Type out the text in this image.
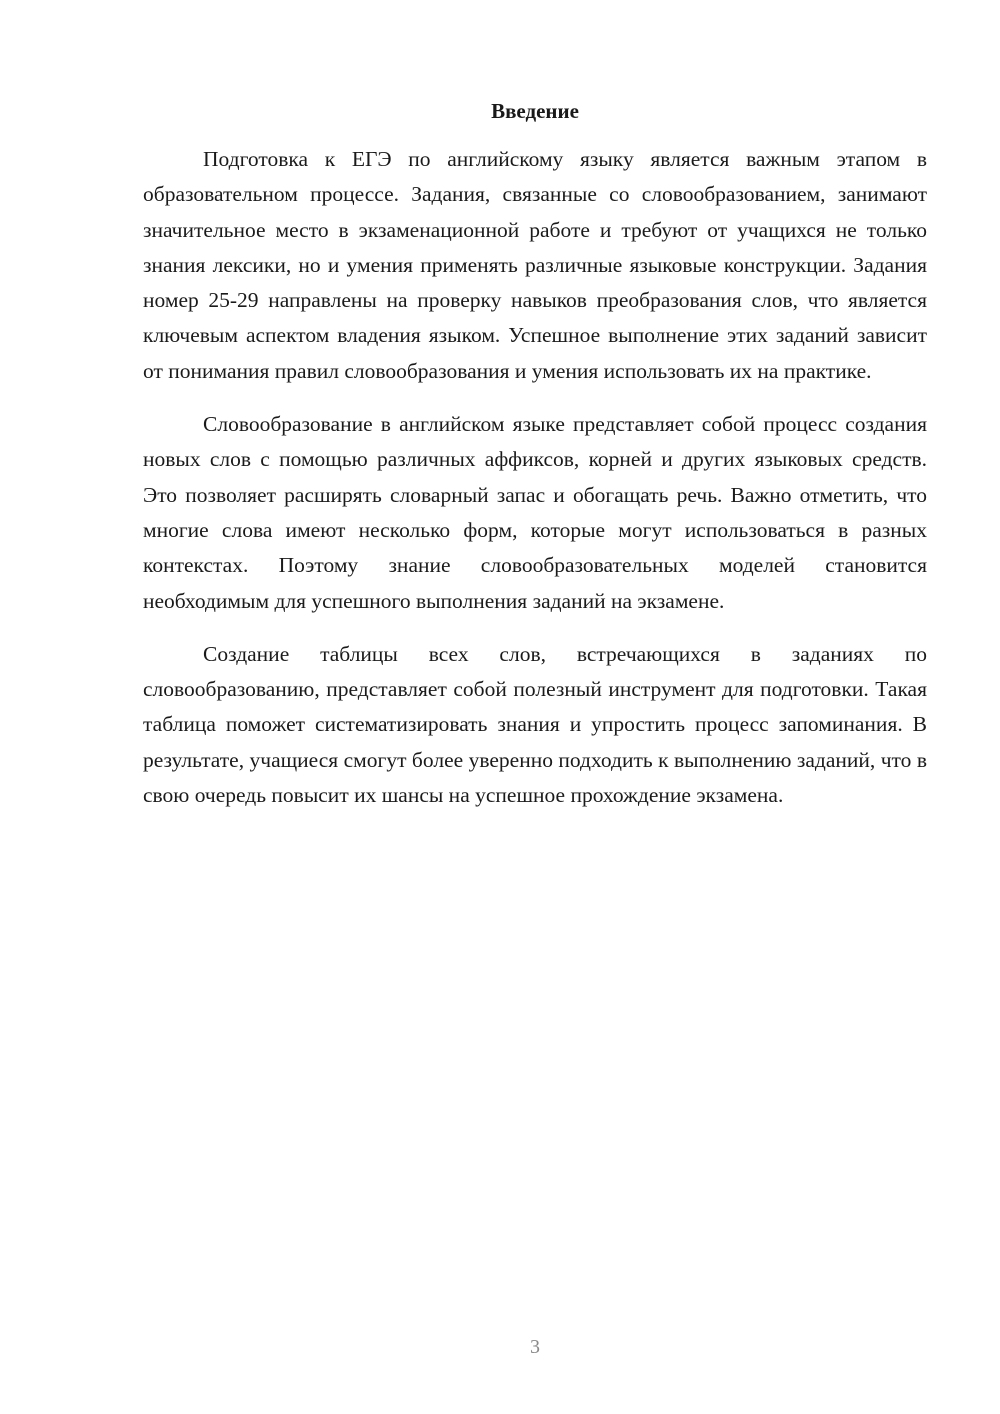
Введение

Подготовка к ЕГЭ по английскому языку является важным этапом в образовательном процессе. Задания, связанные со словообразованием, занимают значительное место в экзаменационной работе и требуют от учащихся не только знания лексики, но и умения применять различные языковые конструкции. Задания номер 25-29 направлены на проверку навыков преобразования слов, что является ключевым аспектом владения языком. Успешное выполнение этих заданий зависит от понимания правил словообразования и умения использовать их на практике.

Словообразование в английском языке представляет собой процесс создания новых слов с помощью различных аффиксов, корней и других языковых средств. Это позволяет расширять словарный запас и обогащать речь. Важно отметить, что многие слова имеют несколько форм, которые могут использоваться в разных контекстах. Поэтому знание словообразовательных моделей становится необходимым для успешного выполнения заданий на экзамене.

Создание таблицы всех слов, встречающихся в заданиях по словообразованию, представляет собой полезный инструмент для подготовки. Такая таблица поможет систематизировать знания и упростить процесс запоминания. В результате, учащиеся смогут более уверенно подходить к выполнению заданий, что в свою очередь повысит их шансы на успешное прохождение экзамена.

3
